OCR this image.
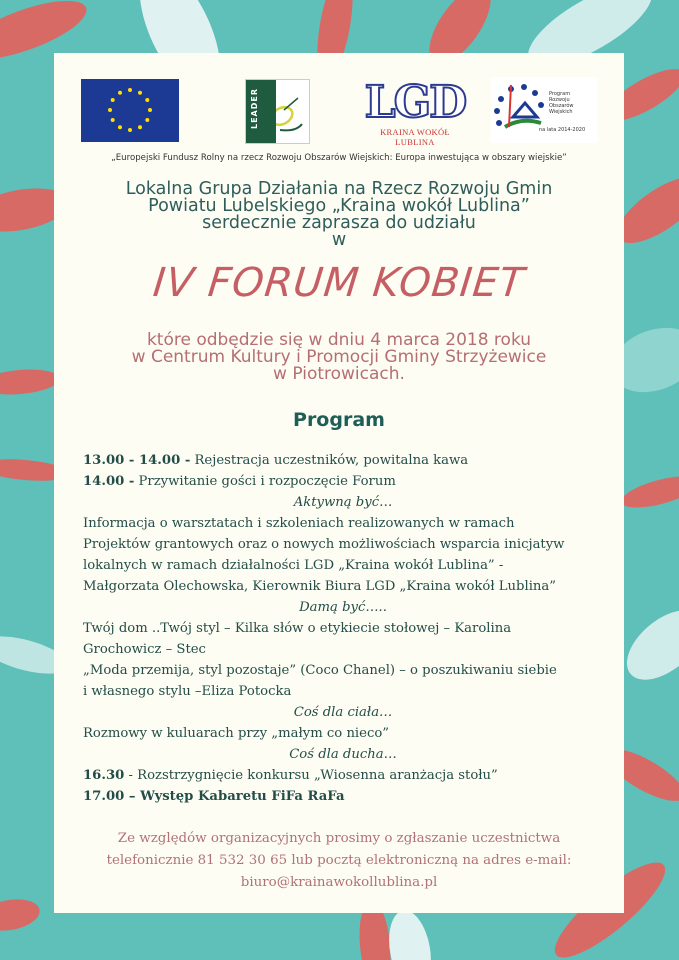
LEADER LGD
KRAINA WOKÓŁ LUBLINA
Program
Rozwoju
Obszarów
Wiejskich
na lata 2014-2020
„Europejski Fundusz Rolny na rzecz Rozwoju Obszarów Wiejskich: Europa inwestująca w obszary wiejskie”
Lokalna Grupa Działania na Rzecz Rozwoju Gmin
Powiatu Lubelskiego „Kraina wokół Lublina”
serdecznie zaprasza do udziału
w
IV FORUM KOBIET
które odbędzie się w dniu 4 marca 2018 roku
w Centrum Kultury i Promocji Gminy Strzyżewice
w Piotrowicach.
Program
13.00 - 14.00 - Rejestracja uczestników, powitalna kawa
14.00 - Przywitanie gości i rozpoczęcie Forum
Aktywną być…
Informacja o warsztatach i szkoleniach realizowanych w ramach
Projektów grantowych oraz o nowych możliwościach wsparcia inicjatyw
lokalnych w ramach działalności LGD „Kraina wokół Lublina” -
Małgorzata Olechowska, Kierownik Biura LGD „Kraina wokół Lublina”
Damą być…..
Twój dom ..Twój styl – Kilka słów o etykiecie stołowej – Karolina
Grochowicz – Stec
„Moda przemija, styl pozostaje” (Coco Chanel) – o poszukiwaniu siebie
i własnego stylu –Eliza Potocka
Coś dla ciała…
Rozmowy w kuluarach przy „małym co nieco”
Coś dla ducha…
16.30 - Rozstrzygnięcie konkursu „Wiosenna aranżacja stołu”
17.00 – Występ Kabaretu FiFa RaFa
Ze względów organizacyjnych prosimy o zgłaszanie uczestnictwa
telefonicznie 81 532 30 65 lub pocztą elektroniczną na adres e-mail:
biuro@krainawokollublina.pl
